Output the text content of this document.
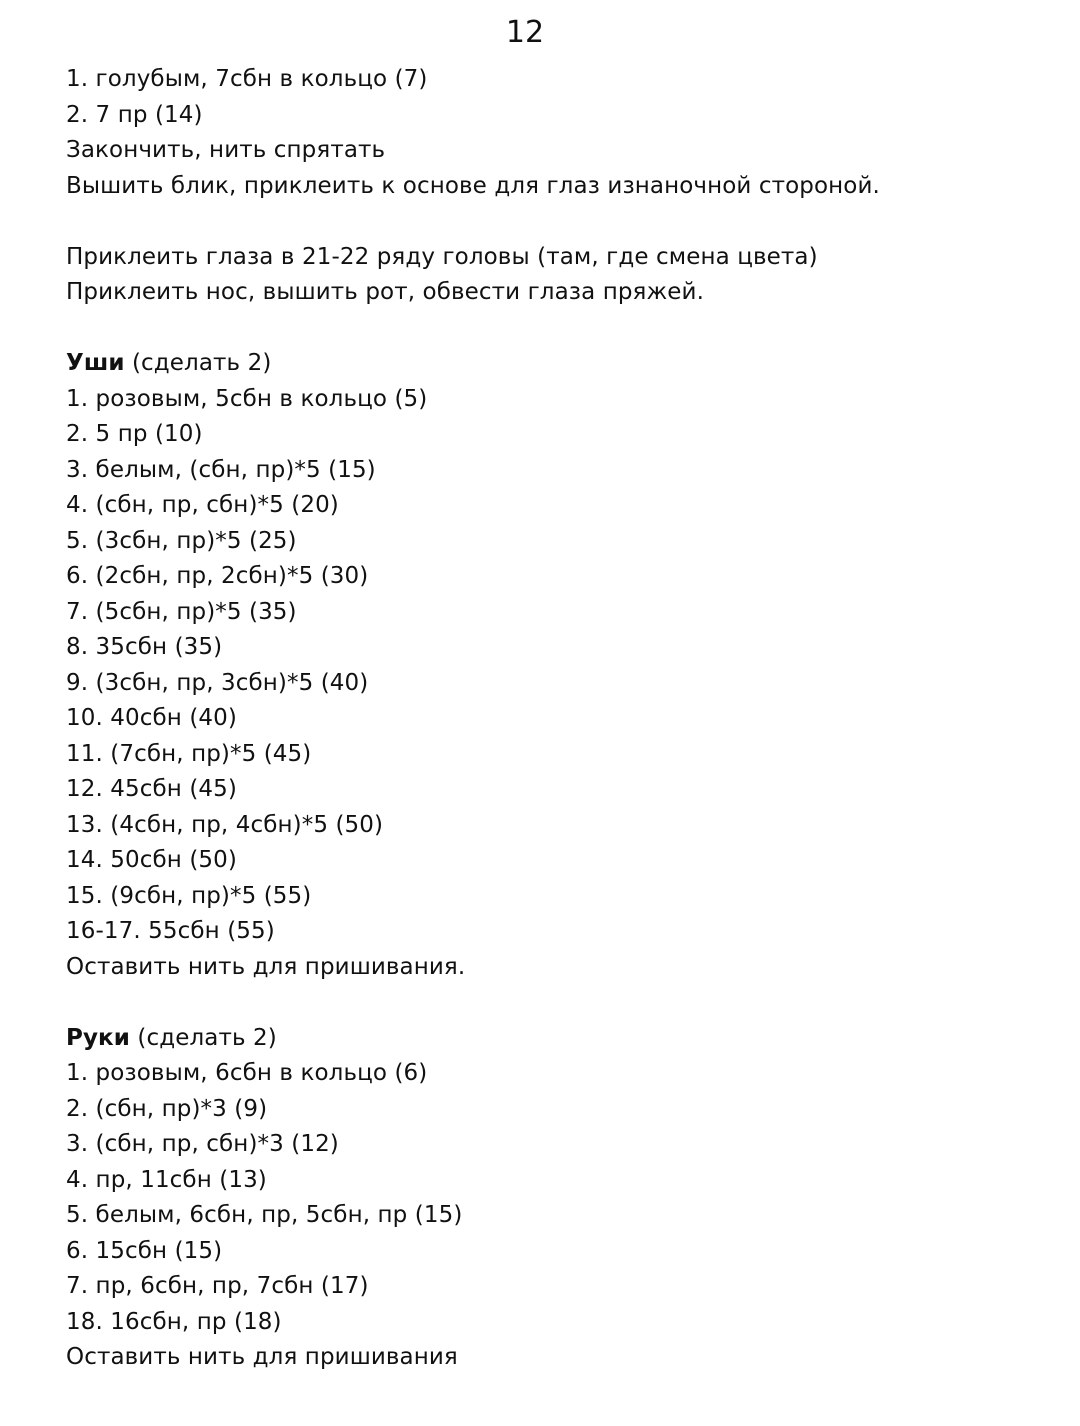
12
1. голубым, 7сбн в кольцо (7)
2. 7 пр (14)
Закончить, нить спрятать
Вышить блик, приклеить к основе для глаз изнаночной стороной.
Приклеить глаза в 21-22 ряду головы (там, где смена цвета)
Приклеить нос, вышить рот, обвести глаза пряжей.
Уши (сделать 2)
1. розовым, 5сбн в кольцо (5)
2. 5 пр (10)
3. белым, (сбн, пр)*5 (15)
4. (сбн, пр, сбн)*5 (20)
5. (3сбн, пр)*5 (25)
6. (2сбн, пр, 2сбн)*5 (30)
7. (5сбн, пр)*5 (35)
8. 35сбн (35)
9. (3сбн, пр, 3сбн)*5 (40)
10. 40сбн (40)
11. (7сбн, пр)*5 (45)
12. 45сбн (45)
13. (4сбн, пр, 4сбн)*5 (50)
14. 50сбн (50)
15. (9сбн, пр)*5 (55)
16-17. 55сбн (55)
Оставить нить для пришивания.
Руки (сделать 2)
1. розовым, 6сбн в кольцо (6)
2. (сбн, пр)*3 (9)
3. (сбн, пр, сбн)*3 (12)
4. пр, 11сбн (13)
5. белым, 6сбн, пр, 5сбн, пр (15)
6. 15сбн (15)
7. пр, 6сбн, пр, 7сбн (17)
18. 16сбн, пр (18)
Оставить нить для пришивания
